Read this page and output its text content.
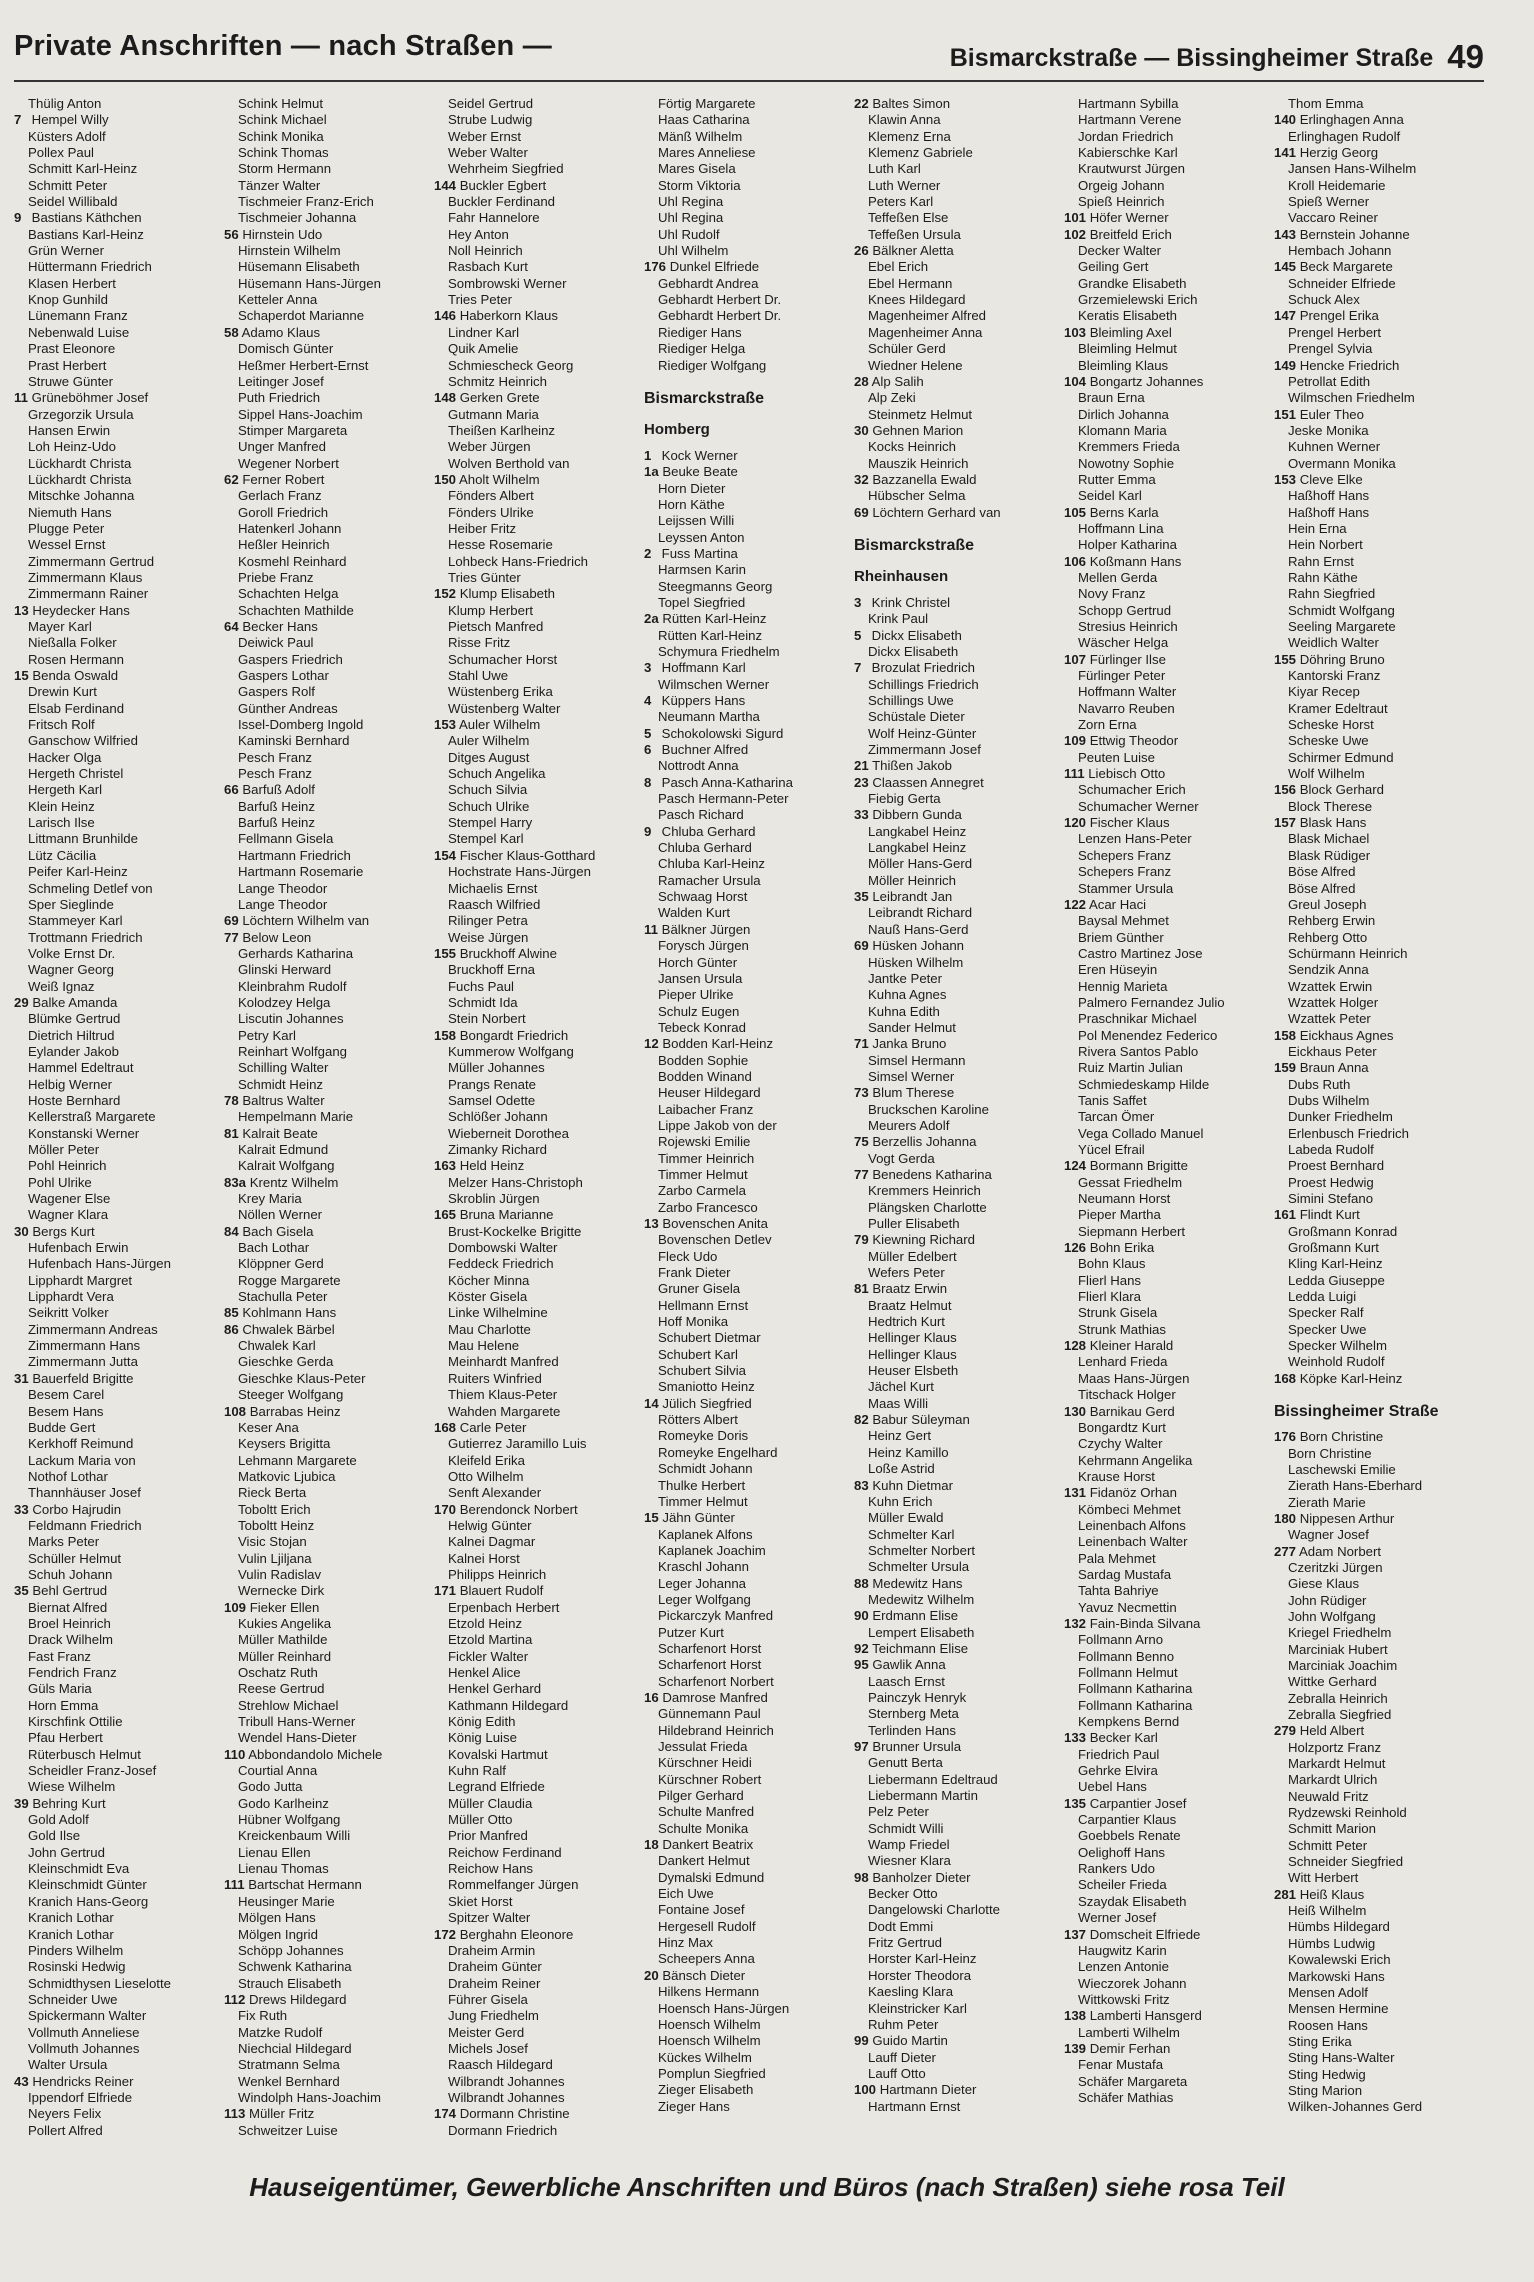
Private Anschriften — nach Straßen —	Bismarckstraße — Bissingheimer Straße 49
Thülig Anton
7 Hempel Willy
Küsters Adolf
Pollex Paul
Schmitt Karl-Heinz
Schmitt Peter
Seidel Willibald
9 Bastians Käthchen
Bastians Karl-Heinz
Grün Werner
Hüttermann Friedrich
Klasen Herbert
Knop Gunhild
Lünemann Franz
Nebenwald Luise
Prast Eleonore
Prast Herbert
Struwe Günter
11 Grüneböhmer Josef
Grzegorzik Ursula
Hansen Erwin
Loh Heinz-Udo
Lückhardt Christa
Lückhardt Christa
Mitschke Johanna
Niemuth Hans
Plugge Peter
Wessel Ernst
Zimmermann Gertrud
Zimmermann Klaus
Zimmermann Rainer
13 Heydecker Hans
Mayer Karl
Nießalla Folker
Rosen Hermann
15 Benda Oswald
Drewin Kurt
Elsab Ferdinand
Fritsch Rolf
Ganschow Wilfried
Hacker Olga
Hergeth Christel
Hergeth Karl
Klein Heinz
Larisch Ilse
Littmann Brunhilde
Lütz Cäcilia
Peifer Karl-Heinz
Schmeling Detlef von
Sper Sieglinde
Stammeyer Karl
Trottmann Friedrich
Volke Ernst Dr.
Wagner Georg
Weiß Ignaz
29 Balke Amanda
Blümke Gertrud
Dietrich Hiltrud
Eylander Jakob
Hammel Edeltraut
Helbig Werner
Hoste Bernhard
Kellerstraß Margarete
Konstanski Werner
Möller Peter
Pohl Heinrich
Pohl Ulrike
Wagener Else
Wagner Klara
30 Bergs Kurt
Hufenbach Erwin
Hufenbach Hans-Jürgen
Lipphardt Margret
Lipphardt Vera
Seikritt Volker
Zimmermann Andreas
Zimmermann Hans
Zimmermann Jutta
31 Bauerfeld Brigitte
Besem Carel
Besem Hans
Budde Gert
Kerkhoff Reimund
Lackum Maria von
Nothof Lothar
Thannhäuser Josef
33 Corbo Hajrudin
Feldmann Friedrich
Marks Peter
Schüller Helmut
Schuh Johann
35 Behl Gertrud
Biernat Alfred
Broel Heinrich
Drack Wilhelm
Fast Franz
Fendrich Franz
Güls Maria
Horn Emma
Kirschfink Ottilie
Pfau Herbert
Rüterbusch Helmut
Scheidler Franz-Josef
Wiese Wilhelm
39 Behring Kurt
Gold Adolf
Gold Ilse
John Gertrud
Kleinschmidt Eva
Kleinschmidt Günter
Kranich Hans-Georg
Kranich Lothar
Kranich Lothar
Pinders Wilhelm
Rosinski Hedwig
Schmidthysen Lieselotte
Schneider Uwe
Spickermann Walter
Vollmuth Anneliese
Vollmuth Johannes
Walter Ursula
43 Hendricks Reiner
Ippendorf Elfriede
Neyers Felix
Pollert Alfred
Schink Helmut
Schink Michael
Schink Monika
Schink Thomas
Storm Hermann
Tänzer Walter
Tischmeier Franz-Erich
Tischmeier Johanna
56 Hirnstein Udo
Hirnstein Wilhelm
Hüsemann Elisabeth
Hüsemann Hans-Jürgen
Ketteler Anna
Schaperdot Marianne
58 Adamo Klaus
Domisch Günter
Heßmer Herbert-Ernst
Leitinger Josef
Puth Friedrich
Sippel Hans-Joachim
Stimper Margareta
Unger Manfred
Wegener Norbert
62 Ferner Robert
Gerlach Franz
Goroll Friedrich
Hatenkerl Johann
Heßler Heinrich
Kosmehl Reinhard
Priebe Franz
Schachten Helga
Schachten Mathilde
64 Becker Hans
Deiwick Paul
Gaspers Friedrich
Gaspers Lothar
Gaspers Rolf
Günther Andreas
Issel-Domberg Ingold
Kaminski Bernhard
Pesch Franz
Pesch Franz
66 Barfuß Adolf
Barfuß Heinz
Barfuß Heinz
Fellmann Gisela
Hartmann Friedrich
Hartmann Rosemarie
Lange Theodor
Lange Theodor
69 Löchtern Wilhelm van
77 Below Leon
Gerhards Katharina
Glinski Herward
Kleinbrahm Rudolf
Kolodzey Helga
Liscutin Johannes
Petry Karl
Reinhart Wolfgang
Schilling Walter
Schmidt Heinz
78 Baltrus Walter
Hempelmann Marie
81 Kalrait Beate
Kalrait Edmund
Kalrait Wolfgang
83a Krentz Wilhelm
Krey Maria
Nöllen Werner
84 Bach Gisela
Bach Lothar
Klöppner Gerd
Rogge Margarete
Stachulla Peter
85 Kohlmann Hans
86 Chwalek Bärbel
Chwalek Karl
Gieschke Gerda
Gieschke Klaus-Peter
Steeger Wolfgang
108 Barrabas Heinz
Keser Ana
Keysers Brigitta
Lehmann Margarete
Matkovic Ljubica
Rieck Berta
Toboltt Erich
Toboltt Heinz
Visic Stojan
Vulin Ljiljana
Vulin Radislav
Wernecke Dirk
109 Fieker Ellen
Kukies Angelika
Müller Mathilde
Müller Reinhard
Oschatz Ruth
Reese Gertrud
Strehlow Michael
Tribull Hans-Werner
Wendel Hans-Dieter
110 Abbondandolo Michele
Courtial Anna
Godo Jutta
Godo Karlheinz
Hübner Wolfgang
Kreickenbaum Willi
Lienau Ellen
Lienau Thomas
111 Bartschat Hermann
Heusinger Marie
Mölgen Hans
Mölgen Ingrid
Schöpp Johannes
Schwenk Katharina
Strauch Elisabeth
112 Drews Hildegard
Fix Ruth
Matzke Rudolf
Niechcial Hildegard
Stratmann Selma
Wenkel Bernhard
Windolph Hans-Joachim
113 Müller Fritz
Schweitzer Luise
Seidel Gertrud
Strube Ludwig
Weber Ernst
Weber Walter
Wehrheim Siegfried
144 Buckler Egbert
Buckler Ferdinand
Fahr Hannelore
Hey Anton
Noll Heinrich
Rasbach Kurt
Sombrowski Werner
Tries Peter
146 Haberkorn Klaus
Lindner Karl
Quik Amelie
Schmiescheck Georg
Schmitz Heinrich
148 Gerken Grete
Gutmann Maria
Theißen Karlheinz
Weber Jürgen
Wolven Berthold van
150 Aholt Wilhelm
Fönders Albert
Fönders Ulrike
Heiber Fritz
Hesse Rosemarie
Lohbeck Hans-Friedrich
Tries Günter
152 Klump Elisabeth
Klump Herbert
Pietsch Manfred
Risse Fritz
Schumacher Horst
Stahl Uwe
Wüstenberg Erika
Wüstenberg Walter
153 Auler Wilhelm
Auler Wilhelm
Ditges August
Schuch Angelika
Schuch Silvia
Schuch Ulrike
Stempel Harry
Stempel Karl
154 Fischer Klaus-Gotthard
Hochstrate Hans-Jürgen
Michaelis Ernst
Raasch Wilfried
Rilinger Petra
Weise Jürgen
155 Bruckhoff Alwine
Bruckhoff Erna
Fuchs Paul
Schmidt Ida
Stein Norbert
158 Bongardt Friedrich
Kummerow Wolfgang
Müller Johannes
Prangs Renate
Samsel Odette
Schlößer Johann
Wieberneit Dorothea
Zimanky Richard
163 Held Heinz
Melzer Hans-Christoph
Skroblin Jürgen
165 Bruna Marianne
Brust-Kockelke Brigitte
Dombowski Walter
Feddeck Friedrich
Köcher Minna
Köster Gisela
Linke Wilhelmine
Mau Charlotte
Mau Helene
Meinhardt Manfred
Ruiters Winfried
Thiem Klaus-Peter
Wahden Margarete
168 Carle Peter
Gutierrez Jaramillo Luis
Kleifeld Erika
Otto Wilhelm
Senft Alexander
170 Berendonck Norbert
Helwig Günter
Kalnei Dagmar
Kalnei Horst
Philipps Heinrich
171 Blauert Rudolf
Erpenbach Herbert
Etzold Heinz
Etzold Martina
Fickler Walter
Henkel Alice
Henkel Gerhard
Kathmann Hildegard
König Edith
König Luise
Kovalski Hartmut
Kuhn Ralf
Legrand Elfriede
Müller Claudia
Müller Otto
Prior Manfred
Reichow Ferdinand
Reichow Hans
Rommelfanger Jürgen
Skiet Horst
Spitzer Walter
172 Berghahn Eleonore
Draheim Armin
Draheim Günter
Draheim Reiner
Führer Gisela
Jung Friedhelm
Meister Gerd
Michels Josef
Raasch Hildegard
Wilbrandt Johannes
Wilbrandt Johannes
174 Dormann Christine
Dormann Friedrich
Förtig Margarete
Haas Catharina
Mänß Wilhelm
Mares Anneliese
Mares Gisela
Storm Viktoria
Uhl Regina
Uhl Regina
Uhl Rudolf
Uhl Wilhelm
176 Dunkel Elfriede
Gebhardt Andrea
Gebhardt Herbert Dr.
Gebhardt Herbert Dr.
Riediger Hans
Riediger Helga
Riediger Wolfgang
Bismarckstraße
Homberg
1 Kock Werner
1a Beuke Beate
Horn Dieter
Horn Käthe
Leijssen Willi
Leyssen Anton
2 Fuss Martina
Harmsen Karin
Steegmanns Georg
Topel Siegfried
2a Rütten Karl-Heinz
Rütten Karl-Heinz
Schymura Friedhelm
3 Hoffmann Karl
Wilmschen Werner
4 Küppers Hans
Neumann Martha
5 Schokolowski Sigurd
6 Buchner Alfred
Nottrodt Anna
8 Pasch Anna-Katharina
Pasch Hermann-Peter
Pasch Richard
9 Chluba Gerhard
Chluba Gerhard
Chluba Karl-Heinz
Ramacher Ursula
Schwaag Horst
Walden Kurt
11 Bälkner Jürgen
Forysch Jürgen
Horch Günter
Jansen Ursula
Pieper Ulrike
Schulz Eugen
Tebeck Konrad
12 Bodden Karl-Heinz
Bodden Sophie
Bodden Winand
Heuser Hildegard
Laibacher Franz
Lippe Jakob von der
Rojewski Emilie
Timmer Heinrich
Timmer Helmut
Zarbo Carmela
Zarbo Francesco
13 Bovenschen Anita
Bovenschen Detlev
Fleck Udo
Frank Dieter
Gruner Gisela
Hellmann Ernst
Hoff Monika
Schubert Dietmar
Schubert Karl
Schubert Silvia
Smaniotto Heinz
14 Jülich Siegfried
Rötters Albert
Romeyke Doris
Romeyke Engelhard
Schmidt Johann
Thulke Herbert
Timmer Helmut
15 Jähn Günter
Kaplanek Alfons
Kaplanek Joachim
Kraschl Johann
Leger Johanna
Leger Wolfgang
Pickarczyk Manfred
Putzer Kurt
Scharfenort Horst
Scharfenort Horst
Scharfenort Norbert
16 Damrose Manfred
Günnemann Paul
Hildebrand Heinrich
Jessulat Frieda
Kürschner Heidi
Kürschner Robert
Pilger Gerhard
Schulte Manfred
Schulte Monika
18 Dankert Beatrix
Dankert Helmut
Dymalski Edmund
Eich Uwe
Fontaine Josef
Hergesell Rudolf
Hinz Max
Scheepers Anna
20 Bänsch Dieter
Hilkens Hermann
Hoensch Hans-Jürgen
Hoensch Wilhelm
Hoensch Wilhelm
Kückes Wilhelm
Pomplun Siegfried
Zieger Elisabeth
Zieger Hans
22 Baltes Simon
Klawin Anna
Klemenz Erna
Klemenz Gabriele
Luth Karl
Luth Werner
Peters Karl
Teffeßen Else
Teffeßen Ursula
26 Bälkner Aletta
Ebel Erich
Ebel Hermann
Knees Hildegard
Magenheimer Alfred
Magenheimer Anna
Schüler Gerd
Wiedner Helene
28 Alp Salih
Alp Zeki
Steinmetz Helmut
30 Gehnen Marion
Kocks Heinrich
Mauszik Heinrich
32 Bazzanella Ewald
Hübscher Selma
69 Löchtern Gerhard van
Bismarckstraße
Rheinhausen
3 Krink Christel
Krink Paul
5 Dickx Elisabeth
Dickx Elisabeth
7 Brozulat Friedrich
Schillings Friedrich
Schillings Uwe
Schüstale Dieter
Wolf Heinz-Günter
Zimmermann Josef
21 Thißen Jakob
23 Claassen Annegret
Fiebig Gerta
33 Dibbern Gunda
Langkabel Heinz
Langkabel Heinz
Möller Hans-Gerd
Möller Heinrich
35 Leibrandt Jan
Leibrandt Richard
Nauß Hans-Gerd
69 Hüsken Johann
Hüsken Wilhelm
Jantke Peter
Kuhna Agnes
Kuhna Edith
Sander Helmut
71 Janka Bruno
Simsel Hermann
Simsel Werner
73 Blum Therese
Bruckschen Karoline
Meurers Adolf
75 Berzellis Johanna
Vogt Gerda
77 Benedens Katharina
Kremmers Heinrich
Plängsken Charlotte
Puller Elisabeth
79 Kiewning Richard
Müller Edelbert
Wefers Peter
81 Braatz Erwin
Braatz Helmut
Hedtrich Kurt
Hellinger Klaus
Hellinger Klaus
Heuser Elsbeth
Jächel Kurt
Maas Willi
82 Babur Süleyman
Heinz Gert
Heinz Kamillo
Loße Astrid
83 Kuhn Dietmar
Kuhn Erich
Müller Ewald
Schmelter Karl
Schmelter Norbert
Schmelter Ursula
88 Medewitz Hans
Medewitz Wilhelm
90 Erdmann Elise
Lempert Elisabeth
92 Teichmann Elise
95 Gawlik Anna
Laasch Ernst
Painczyk Henryk
Sternberg Meta
Terlinden Hans
97 Brunner Ursula
Genutt Berta
Liebermann Edeltraud
Liebermann Martin
Pelz Peter
Schmidt Willi
Wamp Friedel
Wiesner Klara
98 Banholzer Dieter
Becker Otto
Dangelowski Charlotte
Dodt Emmi
Fritz Gertrud
Horster Karl-Heinz
Horster Theodora
Kaesling Klara
Kleinstricker Karl
Ruhm Peter
99 Guido Martin
Lauff Dieter
Lauff Otto
100 Hartmann Dieter
Hartmann Ernst
Hartmann Sybilla
Hartmann Verene
Jordan Friedrich
Kabierschke Karl
Krautwurst Jürgen
Orgeig Johann
Spieß Heinrich
101 Höfer Werner
102 Breitfeld Erich
Decker Walter
Geiling Gert
Grandke Elisabeth
Grzemielewski Erich
Keratis Elisabeth
103 Bleimling Axel
Bleimling Helmut
Bleimling Klaus
104 Bongartz Johannes
Braun Erna
Dirlich Johanna
Klomann Maria
Kremmers Frieda
Nowotny Sophie
Rutter Emma
Seidel Karl
105 Berns Karla
Hoffmann Lina
Holper Katharina
106 Koßmann Hans
Mellen Gerda
Novy Franz
Schopp Gertrud
Stresius Heinrich
Wäscher Helga
107 Fürlinger Ilse
Fürlinger Peter
Hoffmann Walter
Navarro Reuben
Zorn Erna
109 Ettwig Theodor
Peuten Luise
111 Liebisch Otto
Schumacher Erich
Schumacher Werner
120 Fischer Klaus
Lenzen Hans-Peter
Schepers Franz
Schepers Franz
Stammer Ursula
122 Acar Haci
Baysal Mehmet
Briem Günther
Castro Martinez Jose
Eren Hüseyin
Hennig Marieta
Palmero Fernandez Julio
Praschnikar Michael
Pol Menendez Federico
Rivera Santos Pablo
Ruiz Martin Julian
Schmiedeskamp Hilde
Tanis Saffet
Tarcan Ömer
Vega Collado Manuel
Yücel Efrail
124 Bormann Brigitte
Gessat Friedhelm
Neumann Horst
Pieper Martha
Siepmann Herbert
126 Bohn Erika
Bohn Klaus
Flierl Hans
Flierl Klara
Strunk Gisela
Strunk Mathias
128 Kleiner Harald
Lenhard Frieda
Maas Hans-Jürgen
Titschack Holger
130 Barnikau Gerd
Bongardtz Kurt
Czychy Walter
Kehrmann Angelika
Krause Horst
131 Fidanöz Orhan
Kömbeci Mehmet
Leinenbach Alfons
Leinenbach Walter
Pala Mehmet
Sardag Mustafa
Tahta Bahriye
Yavuz Necmettin
132 Fain-Binda Silvana
Follmann Arno
Follmann Benno
Follmann Helmut
Follmann Katharina
Follmann Katharina
Kempkens Bernd
133 Becker Karl
Friedrich Paul
Gehrke Elvira
Uebel Hans
135 Carpantier Josef
Carpantier Klaus
Goebbels Renate
Oelighoff Hans
Rankers Udo
Scheiler Frieda
Szaydak Elisabeth
Werner Josef
137 Domscheit Elfriede
Haugwitz Karin
Lenzen Antonie
Wieczorek Johann
Wittkowski Fritz
138 Lamberti Hansgerd
Lamberti Wilhelm
139 Demir Ferhan
Fenar Mustafa
Schäfer Margareta
Schäfer Mathias
Thom Emma
140 Erlinghagen Anna
Erlinghagen Rudolf
141 Herzig Georg
Jansen Hans-Wilhelm
Kroll Heidemarie
Spieß Werner
Vaccaro Reiner
143 Bernstein Johanne
Hembach Johann
145 Beck Margarete
Schneider Elfriede
Schuck Alex
147 Prengel Erika
Prengel Herbert
Prengel Sylvia
149 Hencke Friedrich
Petrollat Edith
Wilmschen Friedhelm
151 Euler Theo
Jeske Monika
Kuhnen Werner
Overmann Monika
153 Cleve Elke
Haßhoff Hans
Haßhoff Hans
Hein Erna
Hein Norbert
Rahn Ernst
Rahn Käthe
Rahn Siegfried
Schmidt Wolfgang
Seeling Margarete
Weidlich Walter
155 Döhring Bruno
Kantorski Franz
Kiyar Recep
Kramer Edeltraut
Scheske Horst
Scheske Uwe
Schirmer Edmund
Wolf Wilhelm
156 Block Gerhard
Block Therese
157 Blask Hans
Blask Michael
Blask Rüdiger
Böse Alfred
Böse Alfred
Greul Joseph
Rehberg Erwin
Rehberg Otto
Schürmann Heinrich
Sendzik Anna
Wzattek Erwin
Wzattek Holger
Wzattek Peter
158 Eickhaus Agnes
Eickhaus Peter
159 Braun Anna
Dubs Ruth
Dubs Wilhelm
Dunker Friedhelm
Erlenbusch Friedrich
Labeda Rudolf
Proest Bernhard
Proest Hedwig
Simini Stefano
161 Flindt Kurt
Großmann Konrad
Großmann Kurt
Kling Karl-Heinz
Ledda Giuseppe
Ledda Luigi
Specker Ralf
Specker Uwe
Specker Wilhelm
Weinhold Rudolf
168 Köpke Karl-Heinz
Bissingheimer Straße
176 Born Christine
Born Christine
Laschewski Emilie
Zierath Hans-Eberhard
Zierath Marie
180 Nippesen Arthur
Wagner Josef
277 Adam Norbert
Czeritzki Jürgen
Giese Klaus
John Rüdiger
John Wolfgang
Kriegel Friedhelm
Marciniak Hubert
Marciniak Joachim
Wittke Gerhard
Zebralla Heinrich
Zebralla Siegfried
279 Held Albert
Holzportz Franz
Markardt Helmut
Markardt Ulrich
Neuwald Fritz
Rydzewski Reinhold
Schmitt Marion
Schmitt Peter
Schneider Siegfried
Witt Herbert
281 Heiß Klaus
Heiß Wilhelm
Hümbs Hildegard
Hümbs Ludwig
Kowalewski Erich
Markowski Hans
Mensen Adolf
Mensen Hermine
Roosen Hans
Sting Erika
Sting Hans-Walter
Sting Hedwig
Sting Marion
Wilken-Johannes Gerd
Hauseigentümer, Gewerbliche Anschriften und Büros (nach Straßen) siehe rosa Teil
